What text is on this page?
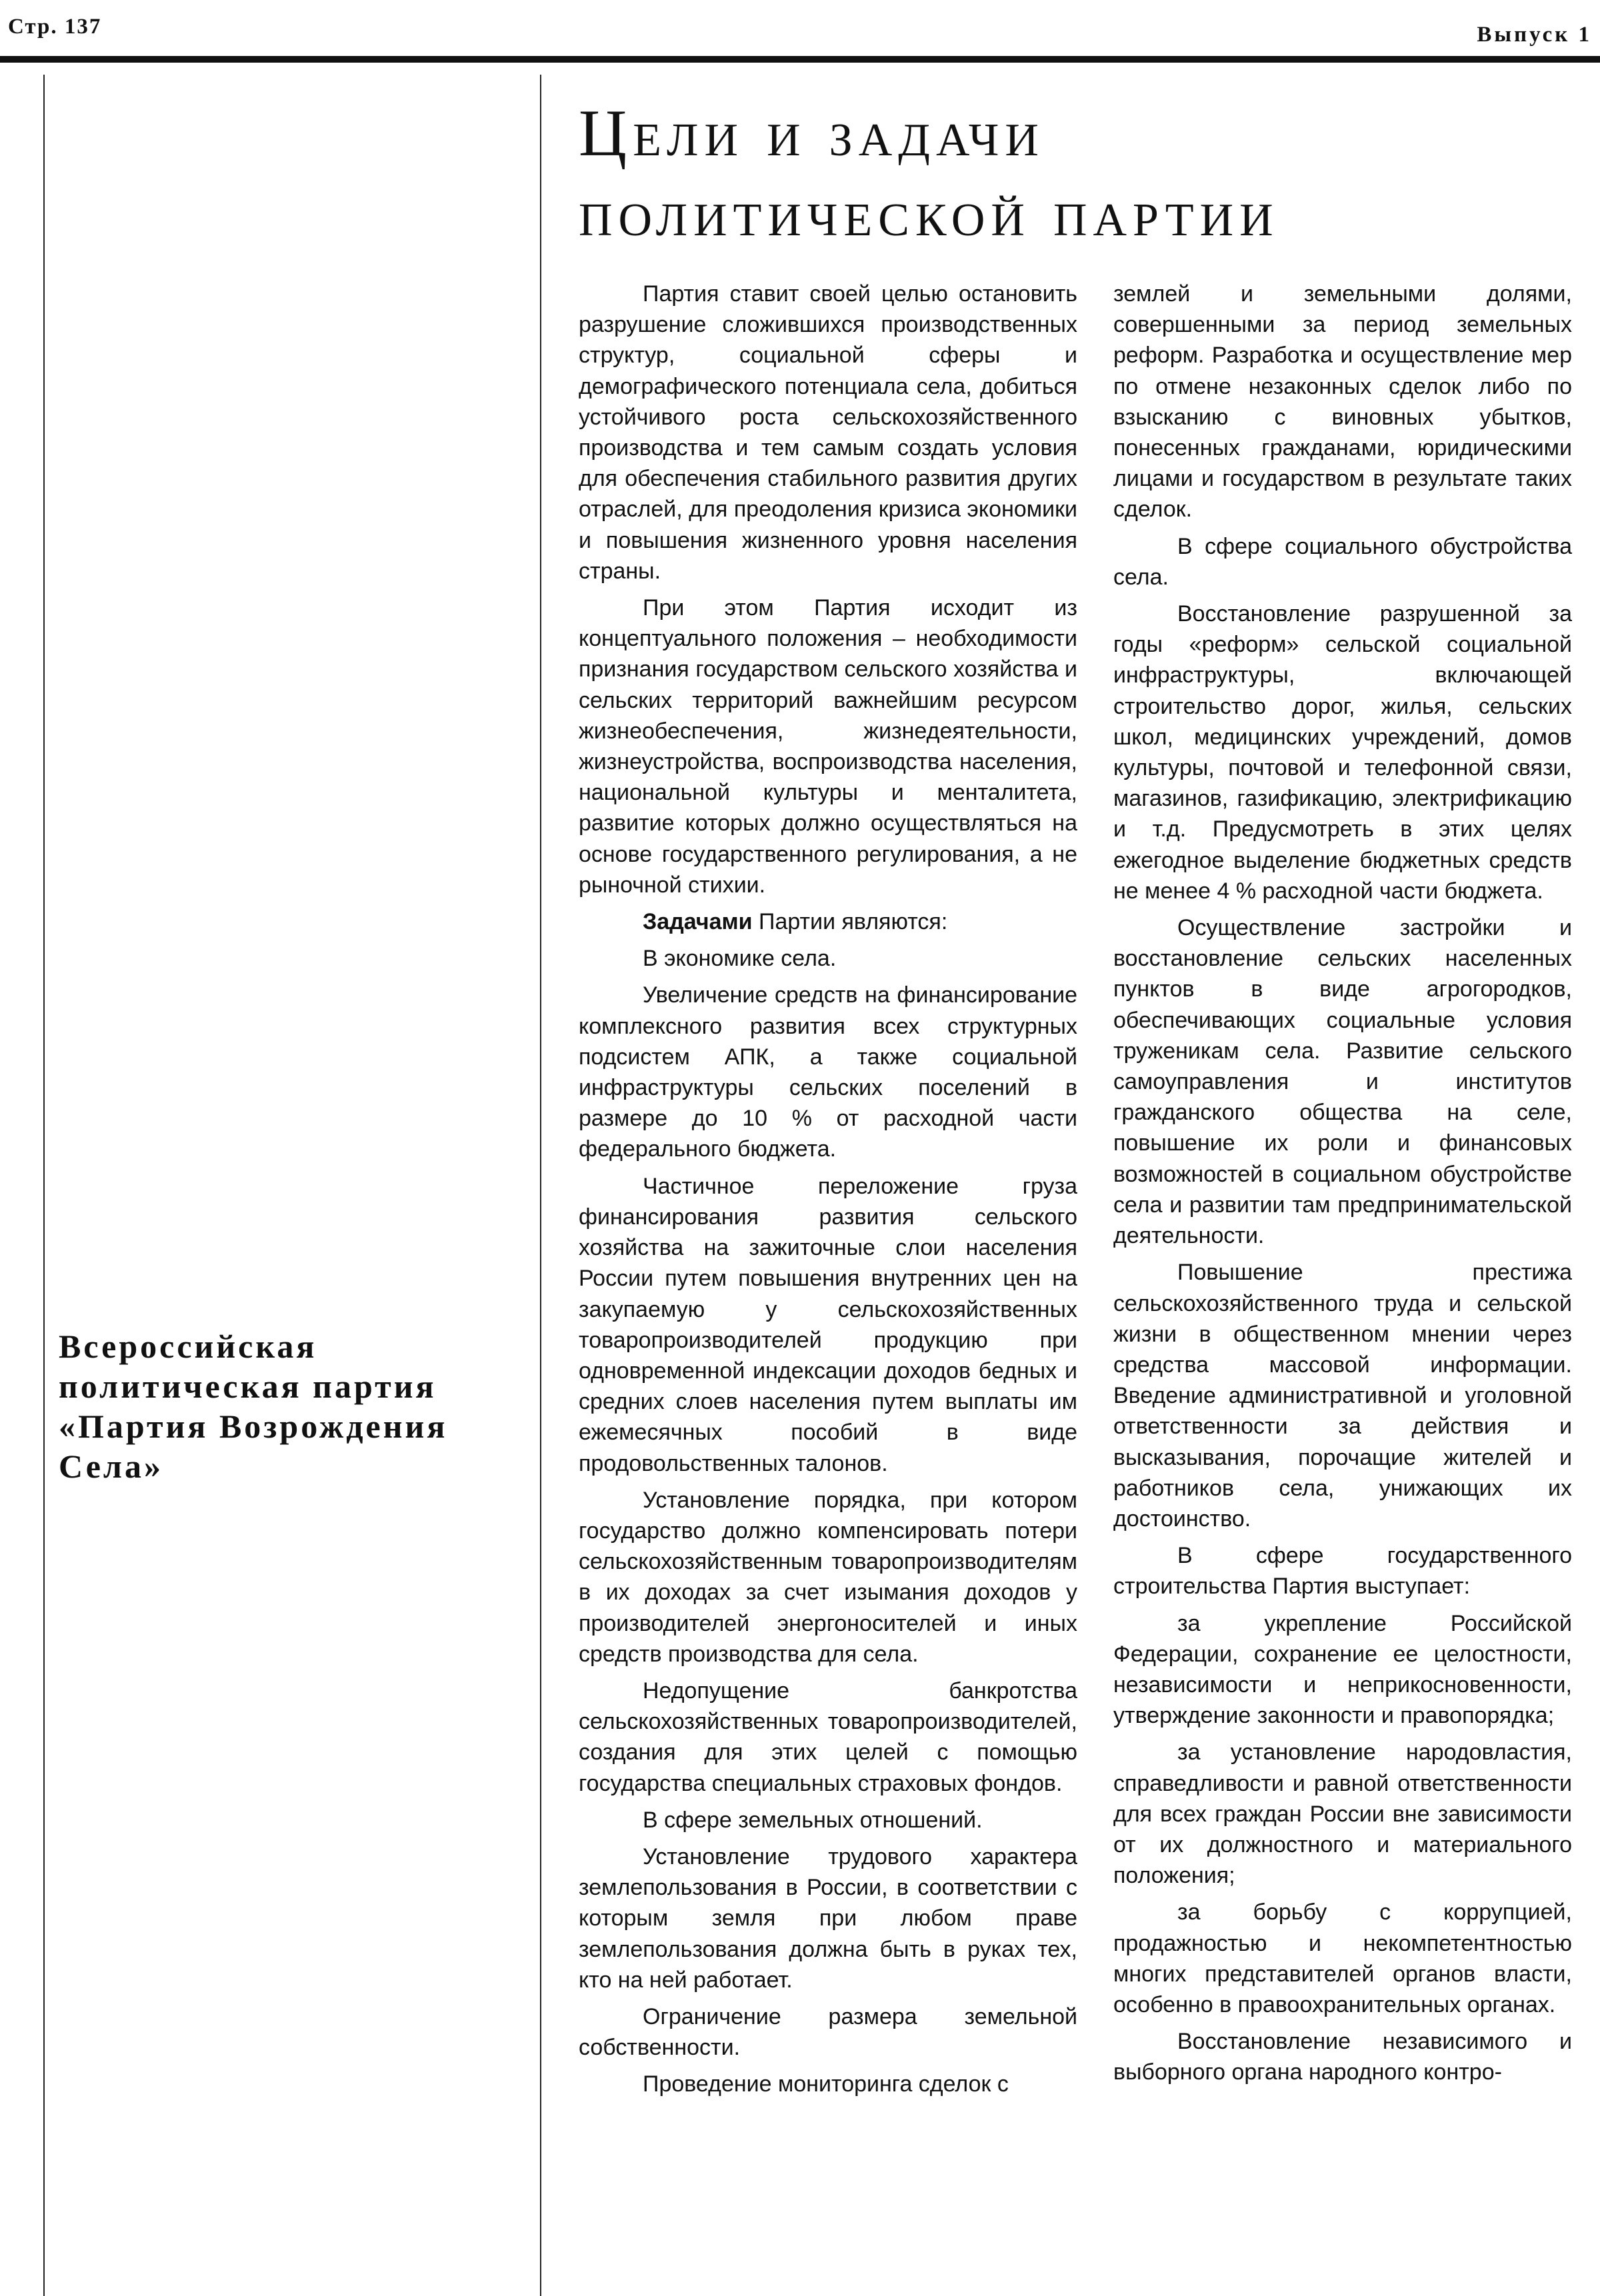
Стр. 137	Выпуск 1
Цели и задачи
политической партии
Всероссийская политическая партия «Партия Возрождения Села»

Партия ставит своей целью остановить разрушение сложившихся производственных структур, социальной сферы и демографического потенциала села, добиться устойчивого роста сельскохозяйственного производства и тем самым создать условия для обеспечения стабильного развития других отраслей, для преодоления кризиса экономики и повышения жизненного уровня населения страны.

При этом Партия исходит из концептуального положения – необходимости признания государством сельского хозяйства и сельских территорий важнейшим ресурсом жизнеобеспечения, жизнедеятельности, жизнеустройства, воспроизводства населения, национальной культуры и менталитета, развитие которых должно осуществляться на основе государственного регулирования, а не рыночной стихии.

Задачами Партии являются:

В экономике села.

Увеличение средств на финансирование комплексного развития всех структурных подсистем АПК, а также социальной инфраструктуры сельских поселений в размере до 10 % от расходной части федерального бюджета.

Частичное переложение груза финансирования развития сельского хозяйства на зажиточные слои населения России путем повышения внутренних цен на закупаемую у сельскохозяйственных товаропроизводителей продукцию при одновременной индексации доходов бедных и средних слоев населения путем выплаты им ежемесячных пособий в виде продовольственных талонов.

Установление порядка, при котором государство должно компенсировать потери сельскохозяйственным товаропроизводителям в их доходах за счет изымания доходов у производителей энергоносителей и иных средств производства для села.

Недопущение банкротства сельскохозяйственных товаропроизводителей, создания для этих целей с помощью государства специальных страховых фондов.

В сфере земельных отношений.

Установление трудового характера землепользования в России, в соответствии с которым земля при любом праве землепользования должна быть в руках тех, кто на ней работает.

Ограничение размера земельной собственности.

Проведение мониторинга сделок с

землей и земельными долями, совершенными за период земельных реформ. Разработка и осуществление мер по отмене незаконных сделок либо по взысканию с виновных убытков, понесенных гражданами, юридическими лицами и государством в результате таких сделок.

В сфере социального обустройства села.

Восстановление разрушенной за годы «реформ» сельской социальной инфраструктуры, включающей строительство дорог, жилья, сельских школ, медицинских учреждений, домов культуры, почтовой и телефонной связи, магазинов, газификацию, электрификацию и т.д. Предусмотреть в этих целях ежегодное выделение бюджетных средств не менее 4 % расходной части бюджета.

Осуществление застройки и восстановление сельских населенных пунктов в виде агрогородков, обеспечивающих социальные условия труженикам села. Развитие сельского самоуправления и институтов гражданского общества на селе, повышение их роли и финансовых возможностей в социальном обустройстве села и развитии там предпринимательской деятельности.

Повышение престижа сельскохозяйственного труда и сельской жизни в общественном мнении через средства массовой информации. Введение административной и уголовной ответственности за действия и высказывания, порочащие жителей и работников села, унижающих их достоинство.

В сфере государственного строительства Партия выступает:

за укрепление Российской Федерации, сохранение ее целостности, независимости и неприкосновенности, утверждение законности и правопорядка;

за установление народовластия, справедливости и равной ответственности для всех граждан России вне зависимости от их должностного и материального положения;

за борьбу с коррупцией, продажностью и некомпетентностью многих представителей органов власти, особенно в правоохранительных органах.

Восстановление независимого и выборного органа народного контро-
